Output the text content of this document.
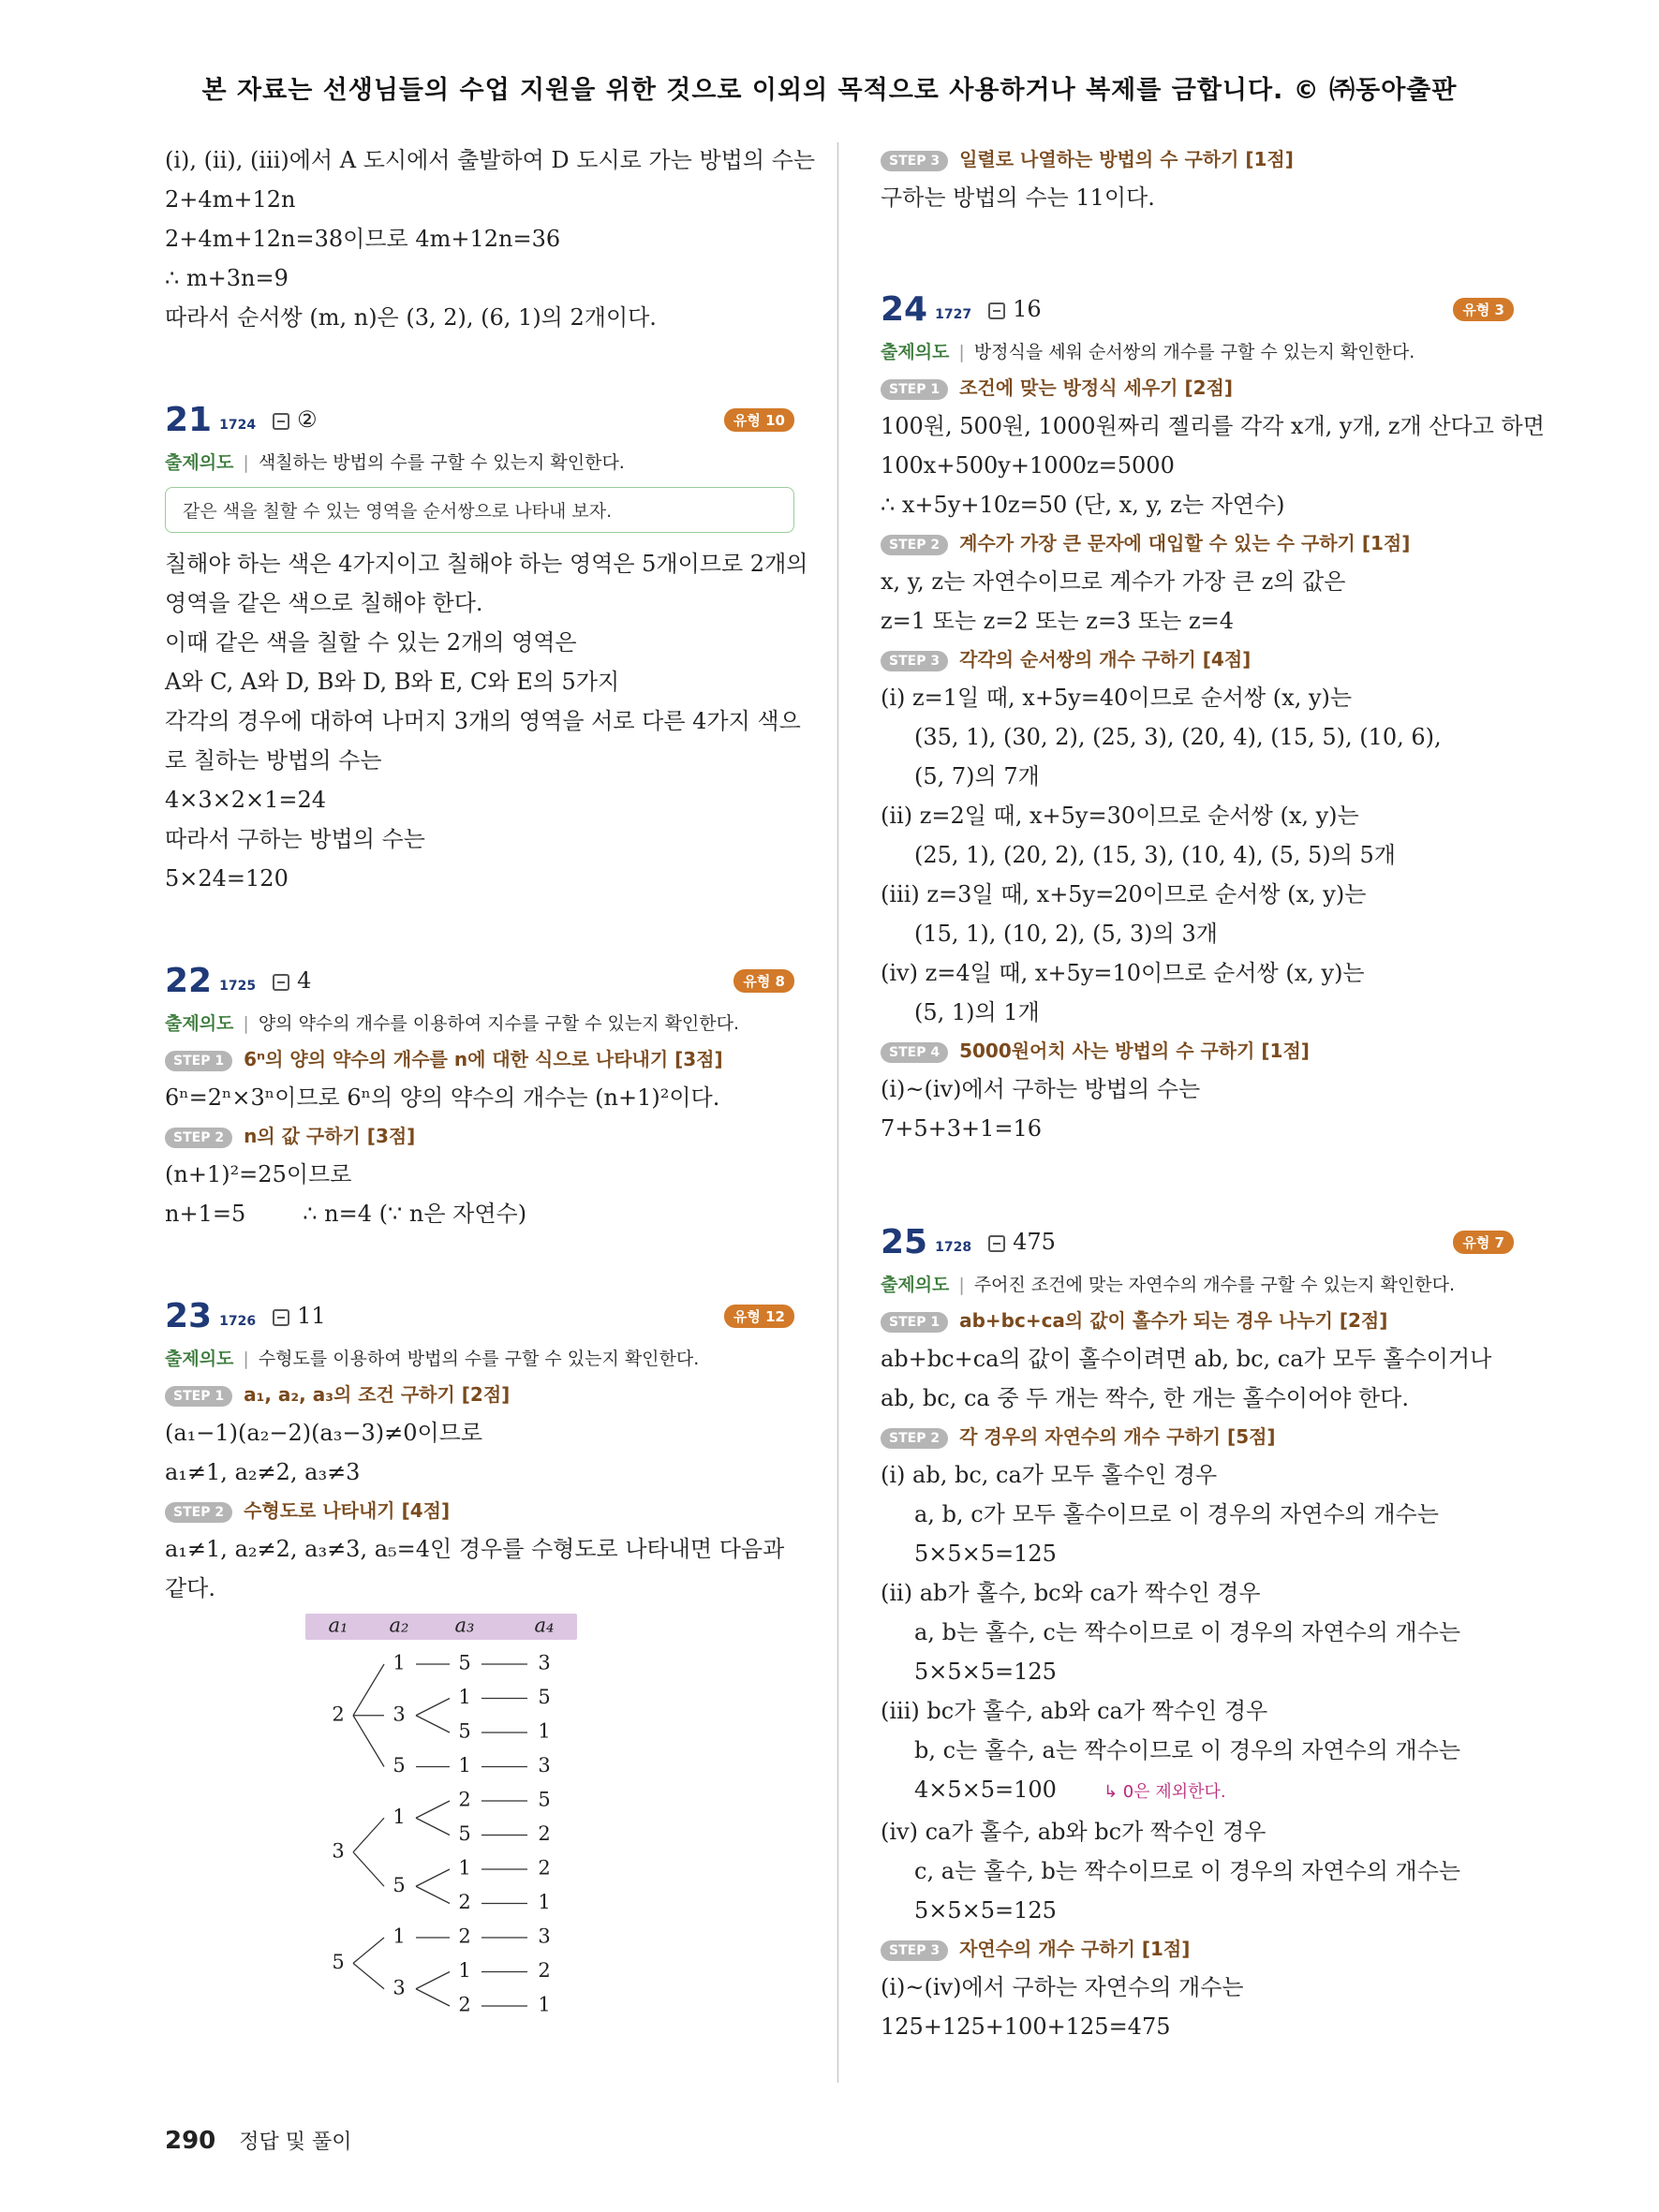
본 자료는 선생님들의 수업 지원을 위한 것으로 이외의 목적으로 사용하거나 복제를 금합니다. © ㈜동아출판
(ⅰ), (ⅱ), (ⅲ)에서 A 도시에서 출발하여 D 도시로 가는 방법의 수는
2+4m+12n
2+4m+12n=38이므로 4m+12n=36
∴ m+3n=9
따라서 순서쌍 (m, n)은 (3, 2), (6, 1)의 2개이다.
21 1724 ②	유형 10
출제의도 | 색칠하는 방법의 수를 구할 수 있는지 확인한다.
같은 색을 칠할 수 있는 영역을 순서쌍으로 나타내 보자.
칠해야 하는 색은 4가지이고 칠해야 하는 영역은 5개이므로 2개의
영역을 같은 색으로 칠해야 한다.
이때 같은 색을 칠할 수 있는 2개의 영역은
A와 C, A와 D, B와 D, B와 E, C와 E의 5가지
각각의 경우에 대하여 나머지 3개의 영역을 서로 다른 4가지 색으
로 칠하는 방법의 수는
4×3×2×1=24
따라서 구하는 방법의 수는
5×24=120
22 1725 4	유형 8
출제의도 | 양의 약수의 개수를 이용하여 지수를 구할 수 있는지 확인한다.
STEP 1 6ⁿ의 양의 약수의 개수를 n에 대한 식으로 나타내기 [3점]
6ⁿ=2ⁿ×3ⁿ이므로 6ⁿ의 양의 약수의 개수는 (n+1)²이다.
STEP 2 n의 값 구하기 [3점]
(n+1)²=25이므로
n+1=5        ∴ n=4 (∵ n은 자연수)
23 1726 11	유형 12
출제의도 | 수형도를 이용하여 방법의 수를 구할 수 있는지 확인한다.
STEP 1 a₁, a₂, a₃의 조건 구하기 [2점]
(a₁−1)(a₂−2)(a₃−3)≠0이므로
a₁≠1, a₂≠2, a₃≠3
STEP 2 수형도로 나타내기 [4점]
a₁≠1, a₂≠2, a₃≠3, a₅=4인 경우를 수형도로 나타내면 다음과
같다.
a₁ a₂ a₃	a₄
3
5
1
5
1
1
5
3
3
1
5
2
5
2
2
5
1
2
1
1
2
5
3
3
2
1
2
1
1
2
3
5
STEP 3 일렬로 나열하는 방법의 수 구하기 [1점]
구하는 방법의 수는 11이다.
24 1727 16	유형 3
출제의도 | 방정식을 세워 순서쌍의 개수를 구할 수 있는지 확인한다.
STEP 1 조건에 맞는 방정식 세우기 [2점]
100원, 500원, 1000원짜리 젤리를 각각 x개, y개, z개 산다고 하면
100x+500y+1000z=5000
∴ x+5y+10z=50 (단, x, y, z는 자연수)
STEP 2 계수가 가장 큰 문자에 대입할 수 있는 수 구하기 [1점]
x, y, z는 자연수이므로 계수가 가장 큰 z의 값은
z=1 또는 z=2 또는 z=3 또는 z=4
STEP 3 각각의 순서쌍의 개수 구하기 [4점]
(ⅰ) z=1일 때, x+5y=40이므로 순서쌍 (x, y)는
(35, 1), (30, 2), (25, 3), (20, 4), (15, 5), (10, 6),
(5, 7)의 7개
(ⅱ) z=2일 때, x+5y=30이므로 순서쌍 (x, y)는
(25, 1), (20, 2), (15, 3), (10, 4), (5, 5)의 5개
(ⅲ) z=3일 때, x+5y=20이므로 순서쌍 (x, y)는
(15, 1), (10, 2), (5, 3)의 3개
(ⅳ) z=4일 때, x+5y=10이므로 순서쌍 (x, y)는
(5, 1)의 1개
STEP 4 5000원어치 사는 방법의 수 구하기 [1점]
(ⅰ)~(ⅳ)에서 구하는 방법의 수는
7+5+3+1=16
25 1728 475	유형 7
출제의도 | 주어진 조건에 맞는 자연수의 개수를 구할 수 있는지 확인한다.
STEP 1 ab+bc+ca의 값이 홀수가 되는 경우 나누기 [2점]
ab+bc+ca의 값이 홀수이려면 ab, bc, ca가 모두 홀수이거나
ab, bc, ca 중 두 개는 짝수, 한 개는 홀수이어야 한다.
STEP 2 각 경우의 자연수의 개수 구하기 [5점]
(ⅰ) ab, bc, ca가 모두 홀수인 경우
a, b, c가 모두 홀수이므로 이 경우의 자연수의 개수는
5×5×5=125
(ⅱ) ab가 홀수, bc와 ca가 짝수인 경우
a, b는 홀수, c는 짝수이므로 이 경우의 자연수의 개수는
5×5×5=125
(ⅲ) bc가 홀수, ab와 ca가 짝수인 경우
b, c는 홀수, a는 짝수이므로 이 경우의 자연수의 개수는
4×5×5=100	↳ 0은 제외한다.
(ⅳ) ca가 홀수, ab와 bc가 짝수인 경우
c, a는 홀수, b는 짝수이므로 이 경우의 자연수의 개수는
5×5×5=125
STEP 3 자연수의 개수 구하기 [1점]
(ⅰ)~(ⅳ)에서 구하는 자연수의 개수는
125+125+100+125=475
290 정답 및 풀이
